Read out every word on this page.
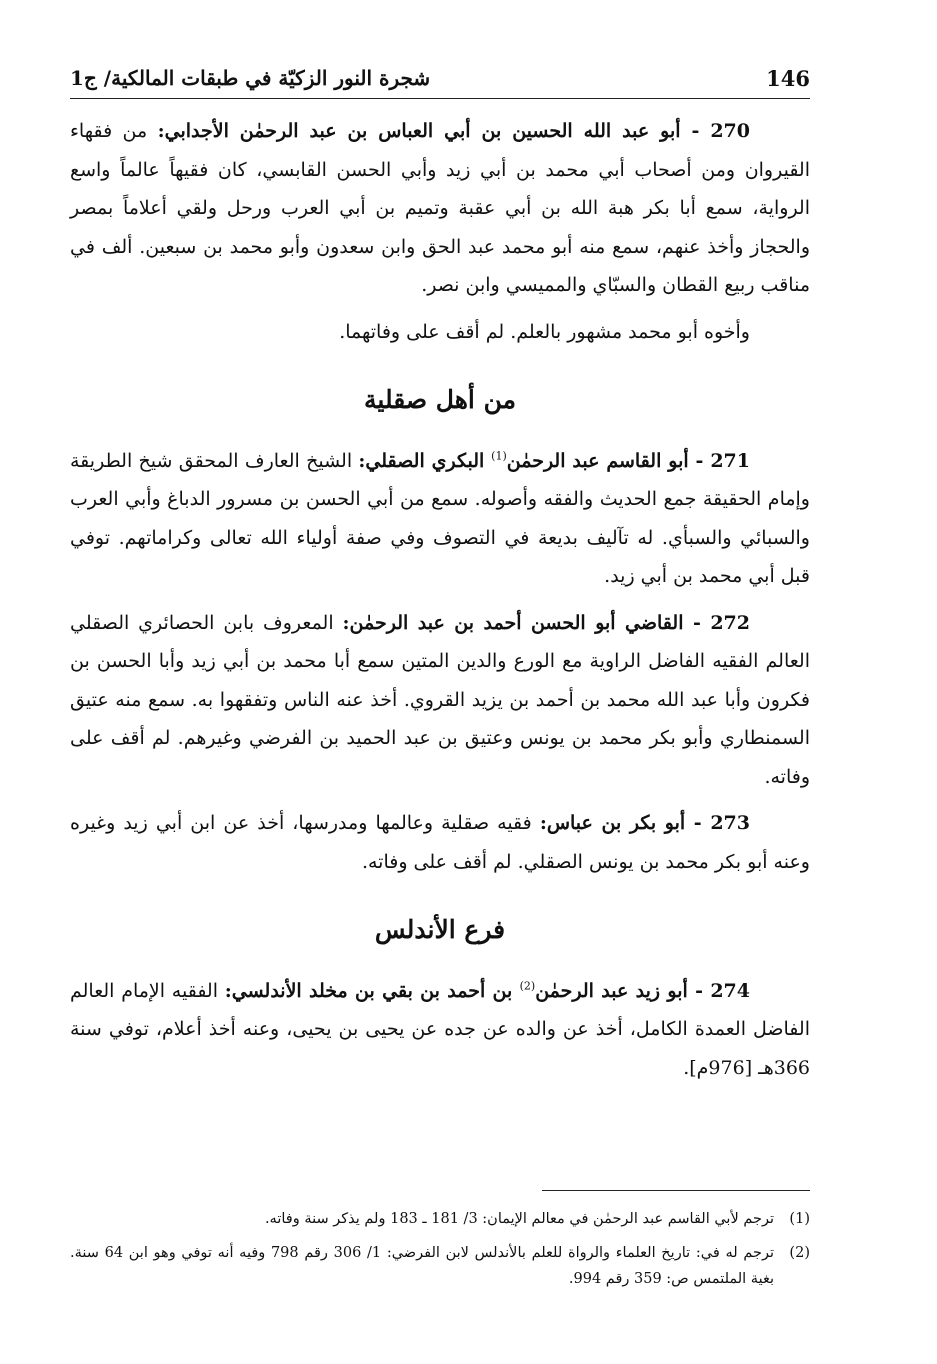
146
شجرة النور الزكيّة في طبقات المالكية/ ج1

270 - أبو عبد الله الحسين بن أبي العباس بن عبد الرحمٰن الأجدابي: من فقهاء القيروان ومن أصحاب أبي محمد بن أبي زيد وأبي الحسن القابسي، كان فقيهاً عالماً واسع الرواية، سمع أبا بكر هبة الله بن أبي عقبة وتميم بن أبي العرب ورحل ولقي أعلاماً بمصر والحجاز وأخذ عنهم، سمع منه أبو محمد عبد الحق وابن سعدون وأبو محمد بن سبعين. ألف في مناقب ربيع القطان والسبّاي والمميسي وابن نصر.

وأخوه أبو محمد مشهور بالعلم. لم أقف على وفاتهما.

من أهل صقلية

271 - أبو القاسم عبد الرحمٰن$^{(1)}$ البكري الصقلي: الشيخ العارف المحقق شيخ الطريقة وإمام الحقيقة جمع الحديث والفقه وأصوله. سمع من أبي الحسن بن مسرور الدباغ وأبي العرب والسبائي والسبأي. له تآليف بديعة في التصوف وفي صفة أولياء الله تعالى وكراماتهم. توفي قبل أبي محمد بن أبي زيد.

272 - القاضي أبو الحسن أحمد بن عبد الرحمٰن: المعروف بابن الحصائري الصقلي العالم الفقيه الفاضل الراوية مع الورع والدين المتين سمع أبا محمد بن أبي زيد وأبا الحسن بن فكرون وأبا عبد الله محمد بن أحمد بن يزيد القروي. أخذ عنه الناس وتفقهوا به. سمع منه عتيق السمنطاري وأبو بكر محمد بن يونس وعتيق بن عبد الحميد بن الفرضي وغيرهم. لم أقف على وفاته.

273 - أبو بكر بن عباس: فقيه صقلية وعالمها ومدرسها، أخذ عن ابن أبي زيد وغيره وعنه أبو بكر محمد بن يونس الصقلي. لم أقف على وفاته.

فرع الأندلس

274 - أبو زيد عبد الرحمٰن$^{(2)}$ بن أحمد بن بقي بن مخلد الأندلسي: الفقيه الإمام العالم الفاضل العمدة الكامل، أخذ عن والده عن جده عن يحيى بن يحيى، وعنه أخذ أعلام، توفي سنة 366هـ [976م].

(1)
ترجم لأبي القاسم عبد الرحمٰن في معالم الإيمان: 3/ 181 ـ 183 ولم يذكر سنة وفاته.
(2)
ترجم له في: تاريخ العلماء والرواة للعلم بالأندلس لابن الفرضي: 1/ 306 رقم 798 وفيه أنه توفي وهو ابن 64 سنة. بغية الملتمس ص: 359 رقم 994.
